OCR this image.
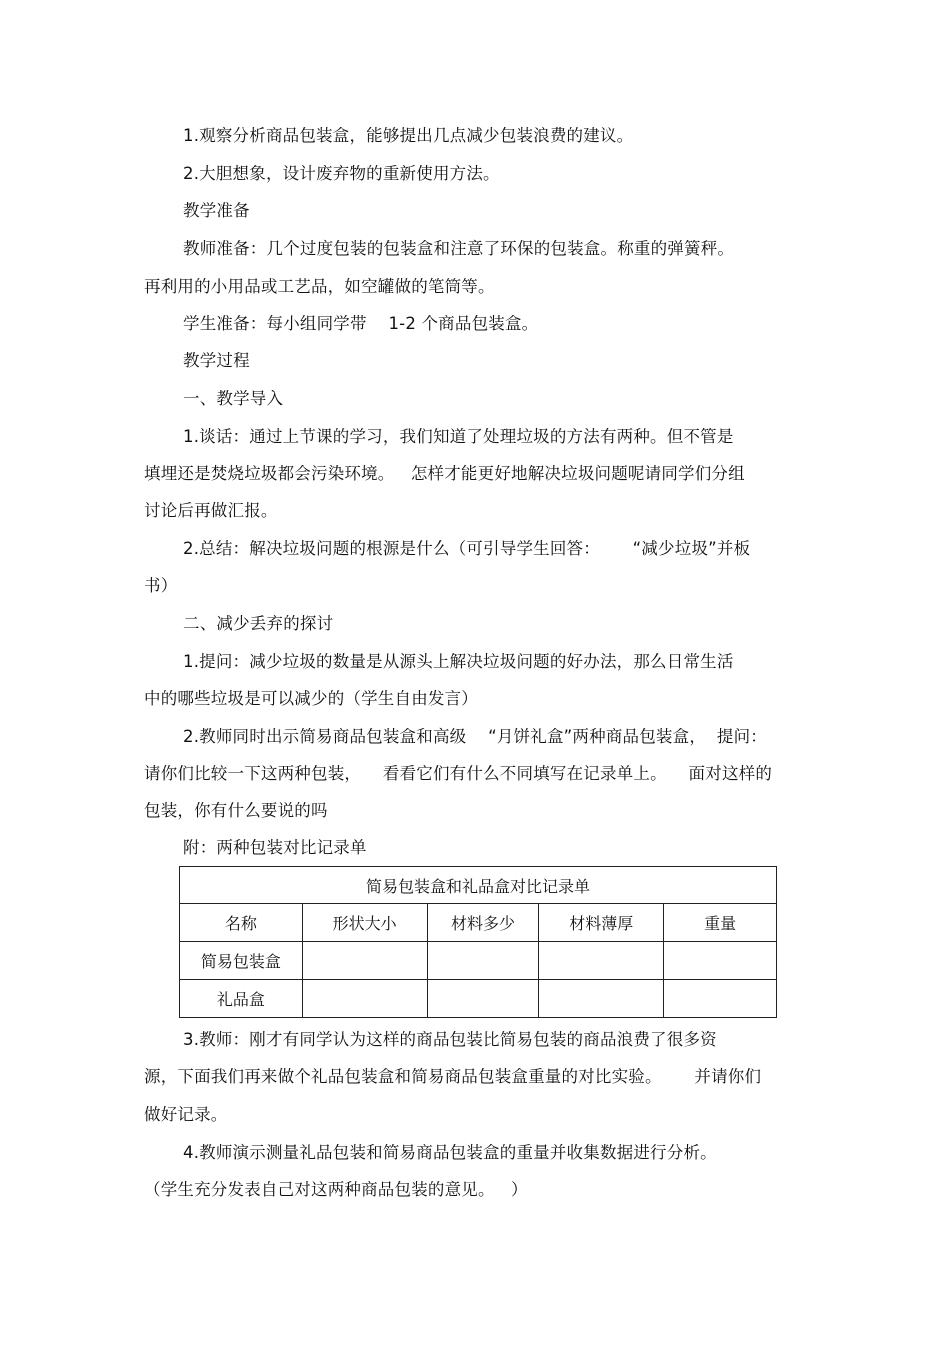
1.观察分析商品包装盒，能够提出几点减少包装浪费的建议。
2.大胆想象，设计废弃物的重新使用方法。
教学准备
教师准备：几个过度包装的包装盒和注意了环保的包装盒。称重的弹簧秤。
再利用的小用品或工艺品，如空罐做的笔筒等。
学生准备：每小组同学带    1-2 个商品包装盒。
教学过程
一、教学导入
1.谈话：通过上节课的学习，我们知道了处理垃圾的方法有两种。但不管是
填埋还是焚烧垃圾都会污染环境。   怎样才能更好地解决垃圾问题呢请同学们分组
讨论后再做汇报。
2.总结：解决垃圾问题的根源是什么（可引导学生回答：      “减少垃圾”并板
书）
二、减少丢弃的探讨
1.提问：减少垃圾的数量是从源头上解决垃圾问题的好办法，那么日常生活
中的哪些垃圾是可以减少的（学生自由发言）
2.教师同时出示简易商品包装盒和高级    “月饼礼盒”两种商品包装盒，  提问：
请你们比较一下这两种包装，    看看它们有什么不同填写在记录单上。    面对这样的
包装，你有什么要说的吗
附：两种包装对比记录单
简易包装盒和礼品盒对比记录单				
名称	形状大小	材料多少	材料薄厚	重量
简易包装盒				
礼品盒				
3.教师：刚才有同学认为这样的商品包装比简易包装的商品浪费了很多资
源，下面我们再来做个礼品包装盒和简易商品包装盒重量的对比实验。      并请你们
做好记录。
4.教师演示测量礼品包装和简易商品包装盒的重量并收集数据进行分析。
（学生充分发表自己对这两种商品包装的意见。   ）
